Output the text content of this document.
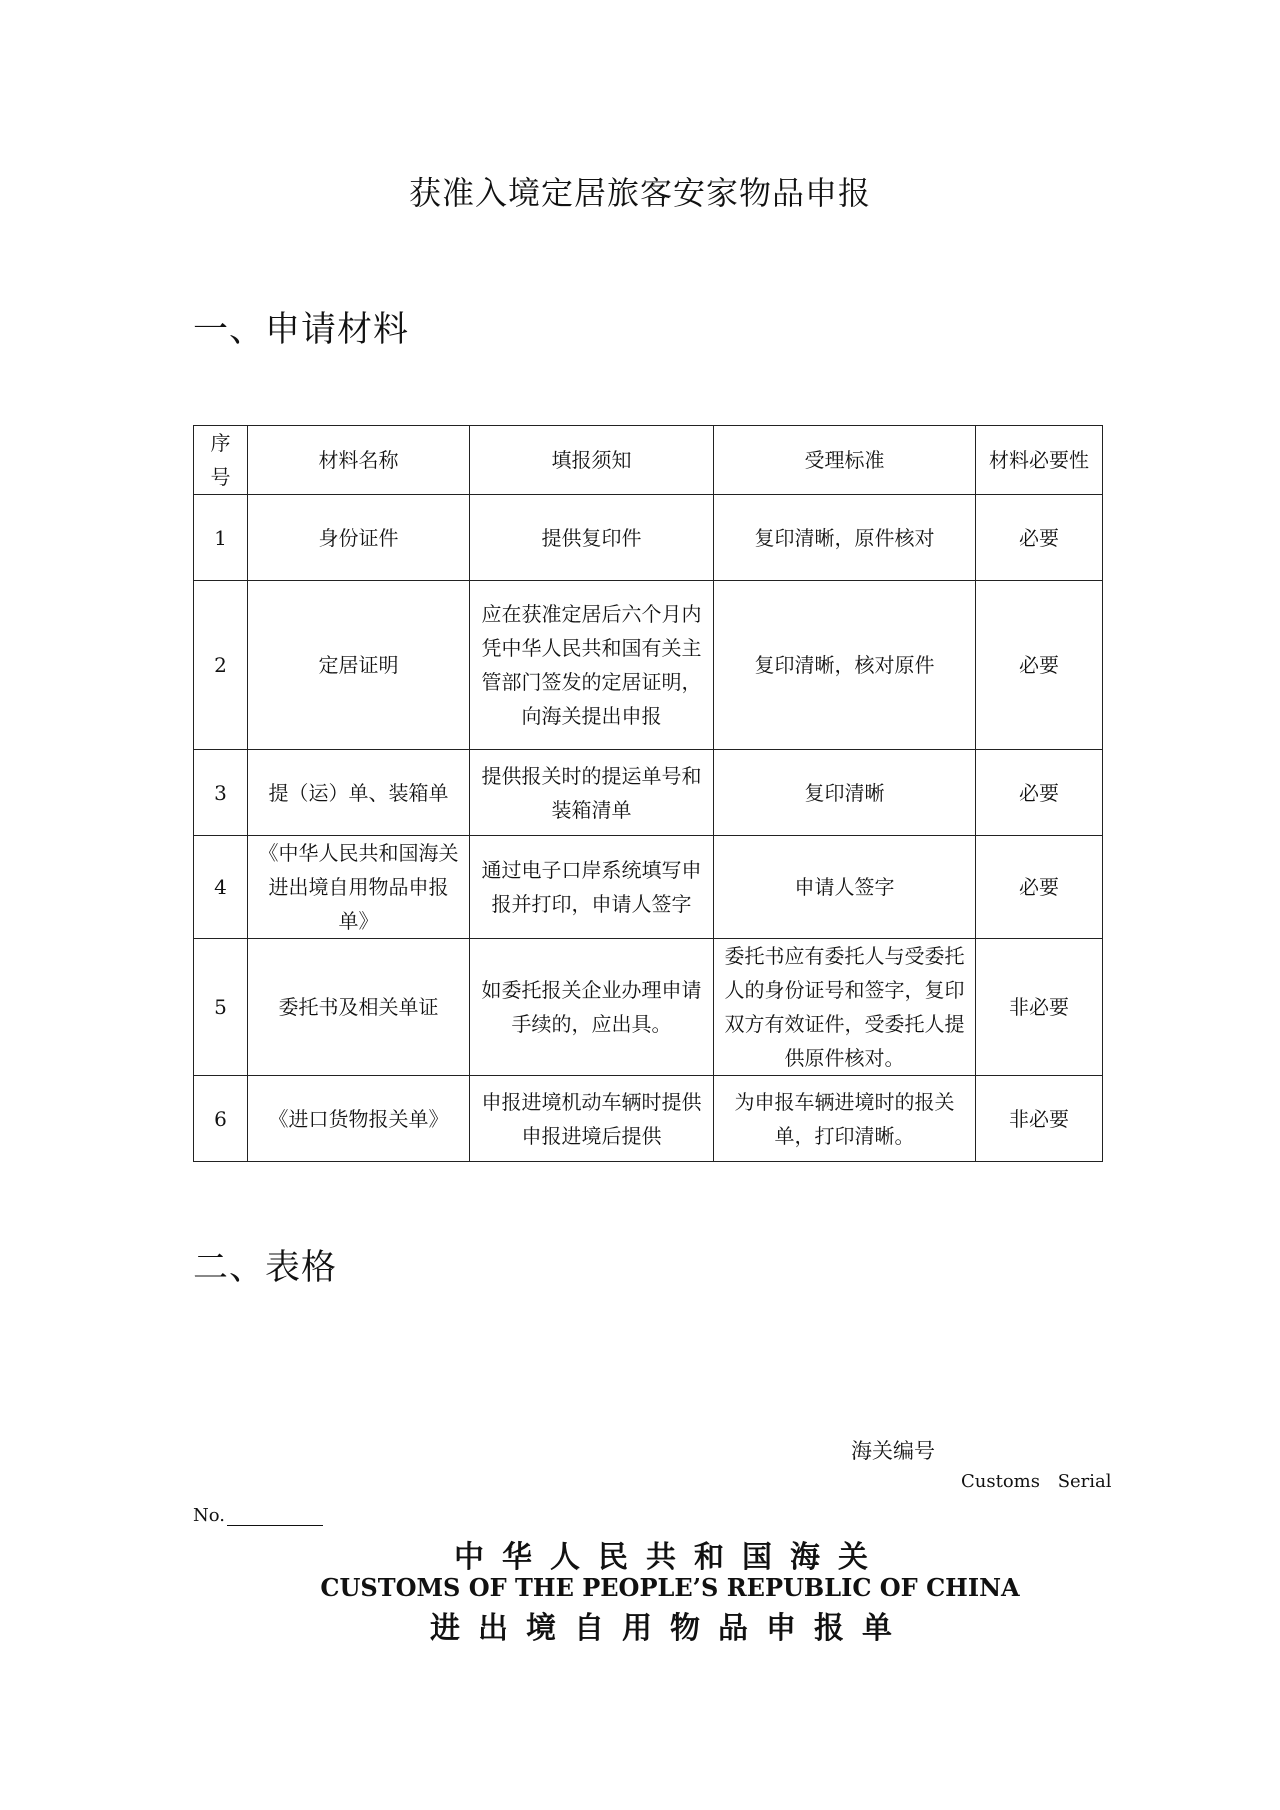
获准入境定居旅客安家物品申报
一、申请材料
序号	材料名称	填报须知	受理标准	材料必要性
1	身份证件	提供复印件	复印清晰，原件核对	必要
2	定居证明	应在获准定居后六个月内凭中华人民共和国有关主管部门签发的定居证明，向海关提出申报	复印清晰，核对原件	必要
3	提（运）单、装箱单	提供报关时的提运单号和装箱清单	复印清晰	必要
4	《中华人民共和国海关进出境自用物品申报单》	通过电子口岸系统填写申报并打印，申请人签字	申请人签字	必要
5	委托书及相关单证	如委托报关企业办理申请手续的，应出具。	委托书应有委托人与受委托人的身份证号和签字，复印双方有效证件，受委托人提供原件核对。	非必要
6	《进口货物报关单》	申报进境机动车辆时提供 申报进境后提供	为申报车辆进境时的报关单，打印清晰。	非必要
二、表格
海关编号
Customs Serial
No.
中华人民共和国海关
CUSTOMS OF THE PEOPLE’S REPUBLIC OF CHINA
进出境自用物品申报单
